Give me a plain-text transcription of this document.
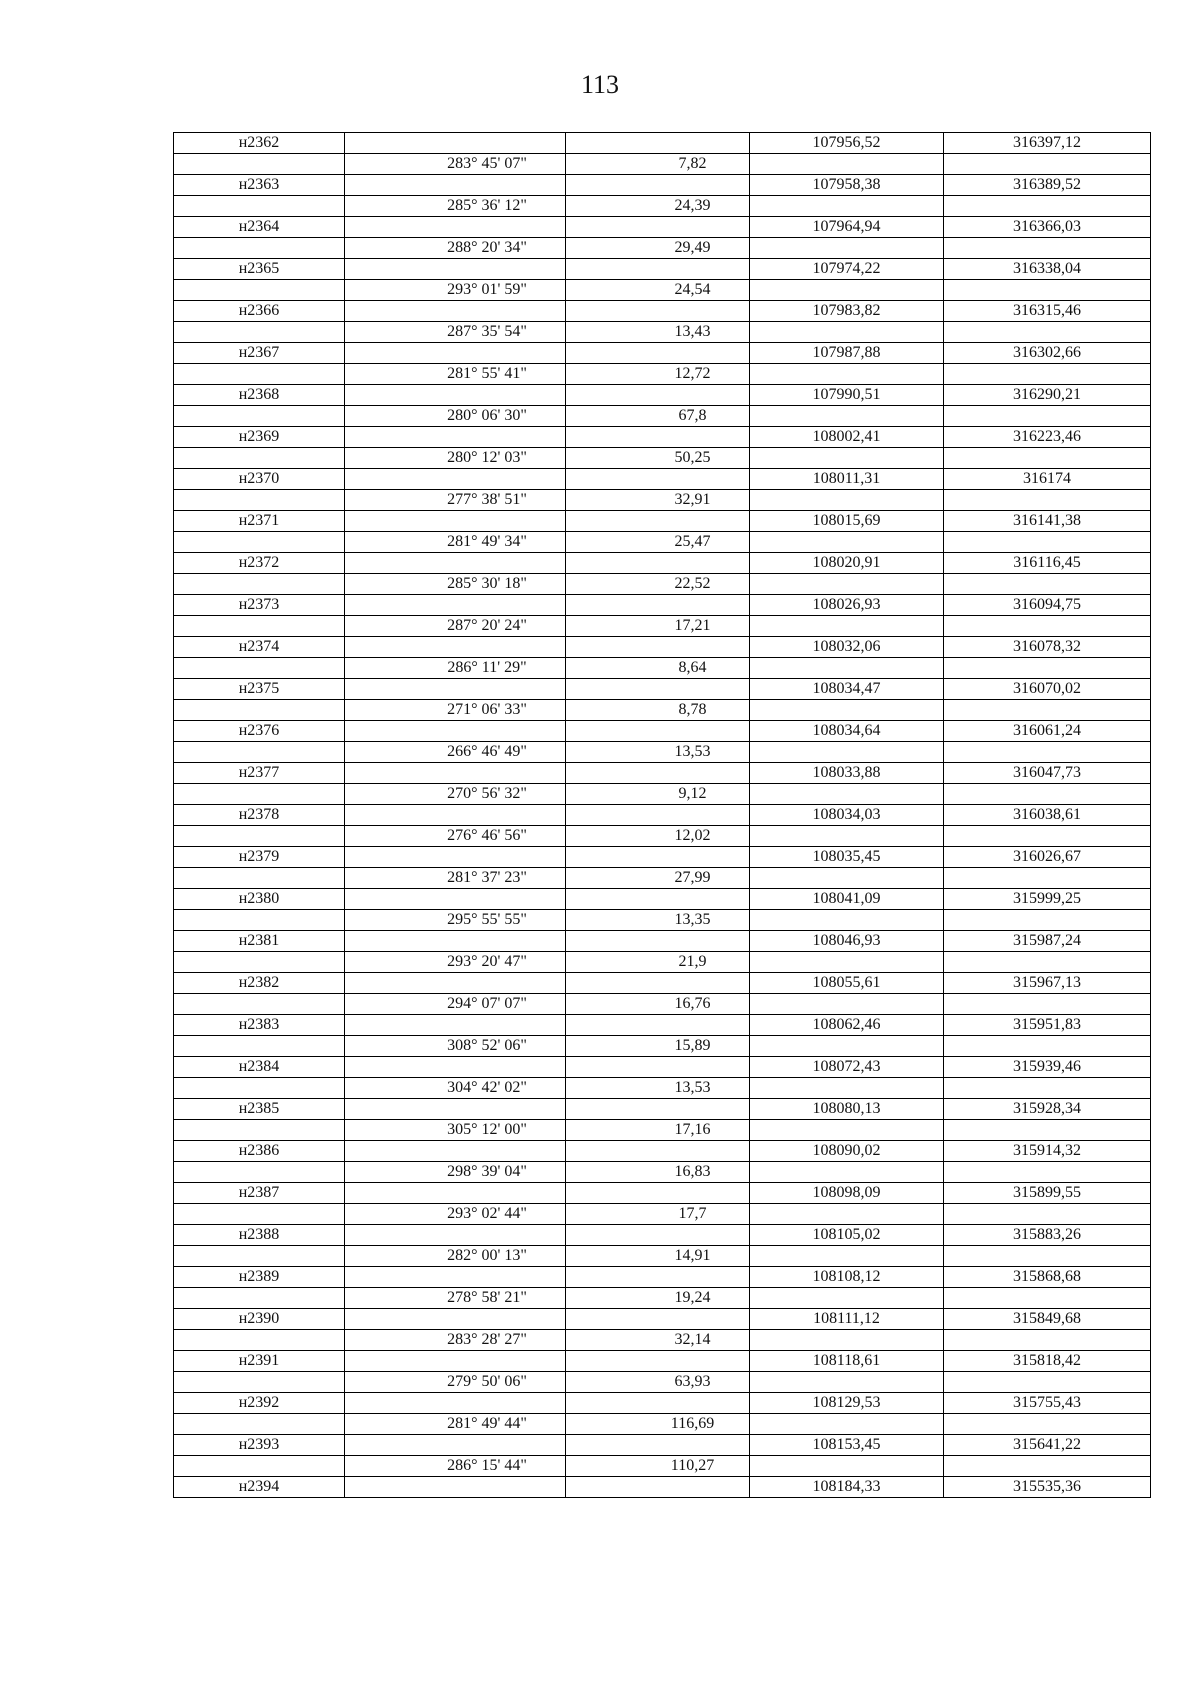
113
н2362			107956,52	316397,12
	283° 45' 07"	7,82		
н2363			107958,38	316389,52
	285° 36' 12"	24,39		
н2364			107964,94	316366,03
	288° 20' 34"	29,49		
н2365			107974,22	316338,04
	293° 01' 59"	24,54		
н2366			107983,82	316315,46
	287° 35' 54"	13,43		
н2367			107987,88	316302,66
	281° 55' 41"	12,72		
н2368			107990,51	316290,21
	280° 06' 30"	67,8		
н2369			108002,41	316223,46
	280° 12' 03"	50,25		
н2370			108011,31	316174
	277° 38' 51"	32,91		
н2371			108015,69	316141,38
	281° 49' 34"	25,47		
н2372			108020,91	316116,45
	285° 30' 18"	22,52		
н2373			108026,93	316094,75
	287° 20' 24"	17,21		
н2374			108032,06	316078,32
	286° 11' 29"	8,64		
н2375			108034,47	316070,02
	271° 06' 33"	8,78		
н2376			108034,64	316061,24
	266° 46' 49"	13,53		
н2377			108033,88	316047,73
	270° 56' 32"	9,12		
н2378			108034,03	316038,61
	276° 46' 56"	12,02		
н2379			108035,45	316026,67
	281° 37' 23"	27,99		
н2380			108041,09	315999,25
	295° 55' 55"	13,35		
н2381			108046,93	315987,24
	293° 20' 47"	21,9		
н2382			108055,61	315967,13
	294° 07' 07"	16,76		
н2383			108062,46	315951,83
	308° 52' 06"	15,89		
н2384			108072,43	315939,46
	304° 42' 02"	13,53		
н2385			108080,13	315928,34
	305° 12' 00"	17,16		
н2386			108090,02	315914,32
	298° 39' 04"	16,83		
н2387			108098,09	315899,55
	293° 02' 44"	17,7		
н2388			108105,02	315883,26
	282° 00' 13"	14,91		
н2389			108108,12	315868,68
	278° 58' 21"	19,24		
н2390			108111,12	315849,68
	283° 28' 27"	32,14		
н2391			108118,61	315818,42
	279° 50' 06"	63,93		
н2392			108129,53	315755,43
	281° 49' 44"	116,69		
н2393			108153,45	315641,22
	286° 15' 44"	110,27		
н2394			108184,33	315535,36
